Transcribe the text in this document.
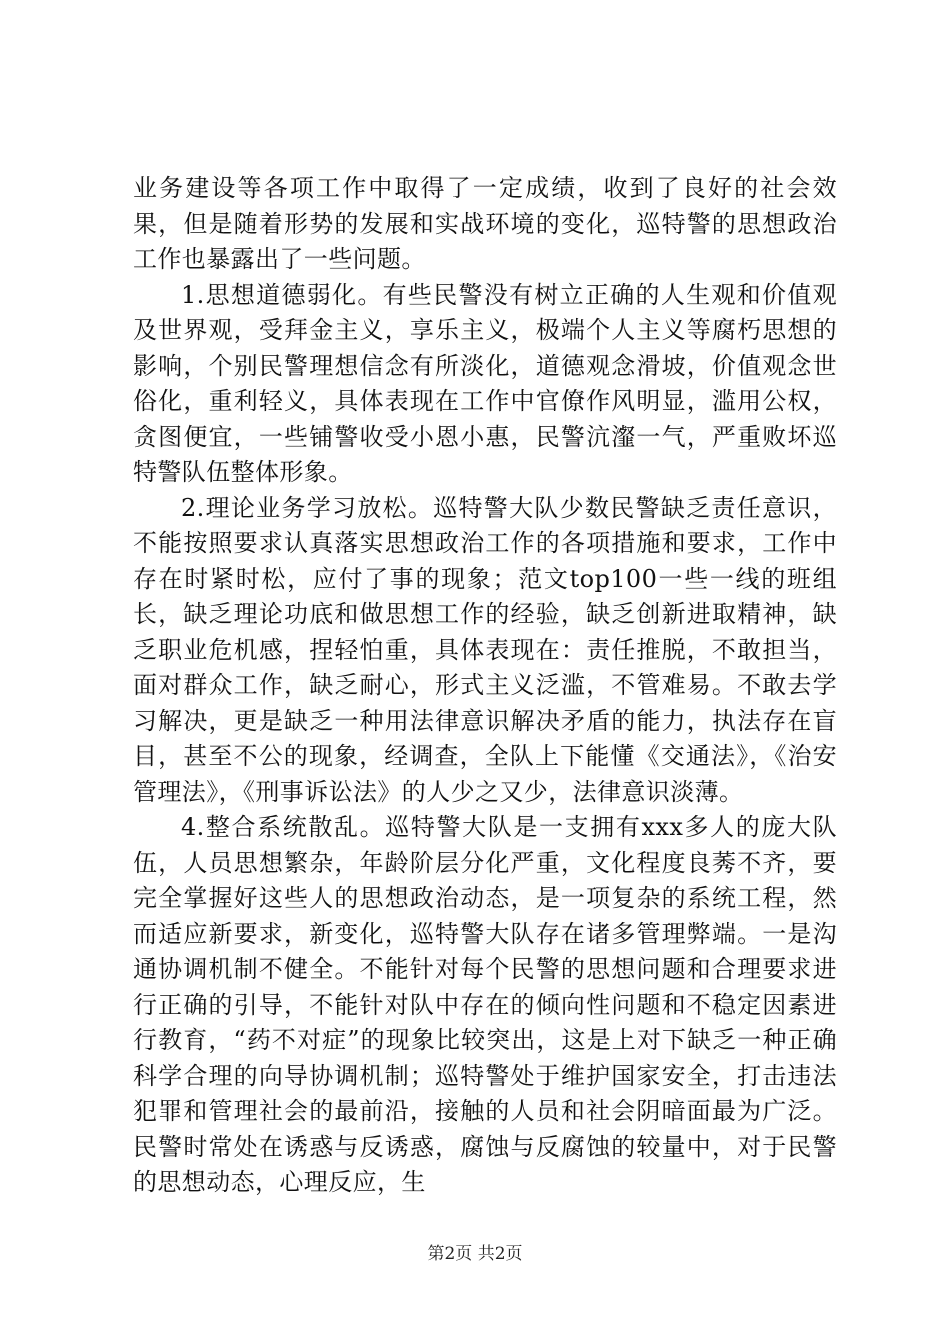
业务建设等各项工作中取得了一定成绩，收到了良好的社会效果，但是随着形势的发展和实战环境的变化，巡特警的思想政治工作也暴露出了一些问题。

1.思想道德弱化。有些民警没有树立正确的人生观和价值观及世界观，受拜金主义，享乐主义，极端个人主义等腐朽思想的影响，个别民警理想信念有所淡化，道德观念滑坡，价值观念世俗化，重利轻义，具体表现在工作中官僚作风明显，滥用公权，贪图便宜，一些铺警收受小恩小惠，民警沆瀣一气，严重败坏巡特警队伍整体形象。

2.理论业务学习放松。巡特警大队少数民警缺乏责任意识，不能按照要求认真落实思想政治工作的各项措施和要求，工作中存在时紧时松，应付了事的现象；范文top100一些一线的班组长，缺乏理论功底和做思想工作的经验，缺乏创新进取精神，缺乏职业危机感，捏轻怕重，具体表现在：责任推脱，不敢担当，面对群众工作，缺乏耐心，形式主义泛滥，不管难易。不敢去学习解决，更是缺乏一种用法律意识解决矛盾的能力，执法存在盲目，甚至不公的现象，经调查，全队上下能懂《交通法》，《治安管理法》，《刑事诉讼法》的人少之又少，法律意识淡薄。

4.整合系统散乱。巡特警大队是一支拥有xxx多人的庞大队伍，人员思想繁杂，年龄阶层分化严重，文化程度良莠不齐，要完全掌握好这些人的思想政治动态，是一项复杂的系统工程，然而适应新要求，新变化，巡特警大队存在诸多管理弊端。一是沟通协调机制不健全。不能针对每个民警的思想问题和合理要求进行正确的引导，不能针对队中存在的倾向性问题和不稳定因素进行教育，“药不对症”的现象比较突出，这是上对下缺乏一种正确科学合理的向导协调机制；巡特警处于维护国家安全，打击违法犯罪和管理社会的最前沿，接触的人员和社会阴暗面最为广泛。民警时常处在诱惑与反诱惑，腐蚀与反腐蚀的较量中，对于民警的思想动态，心理反应，生

第2页 共2页
